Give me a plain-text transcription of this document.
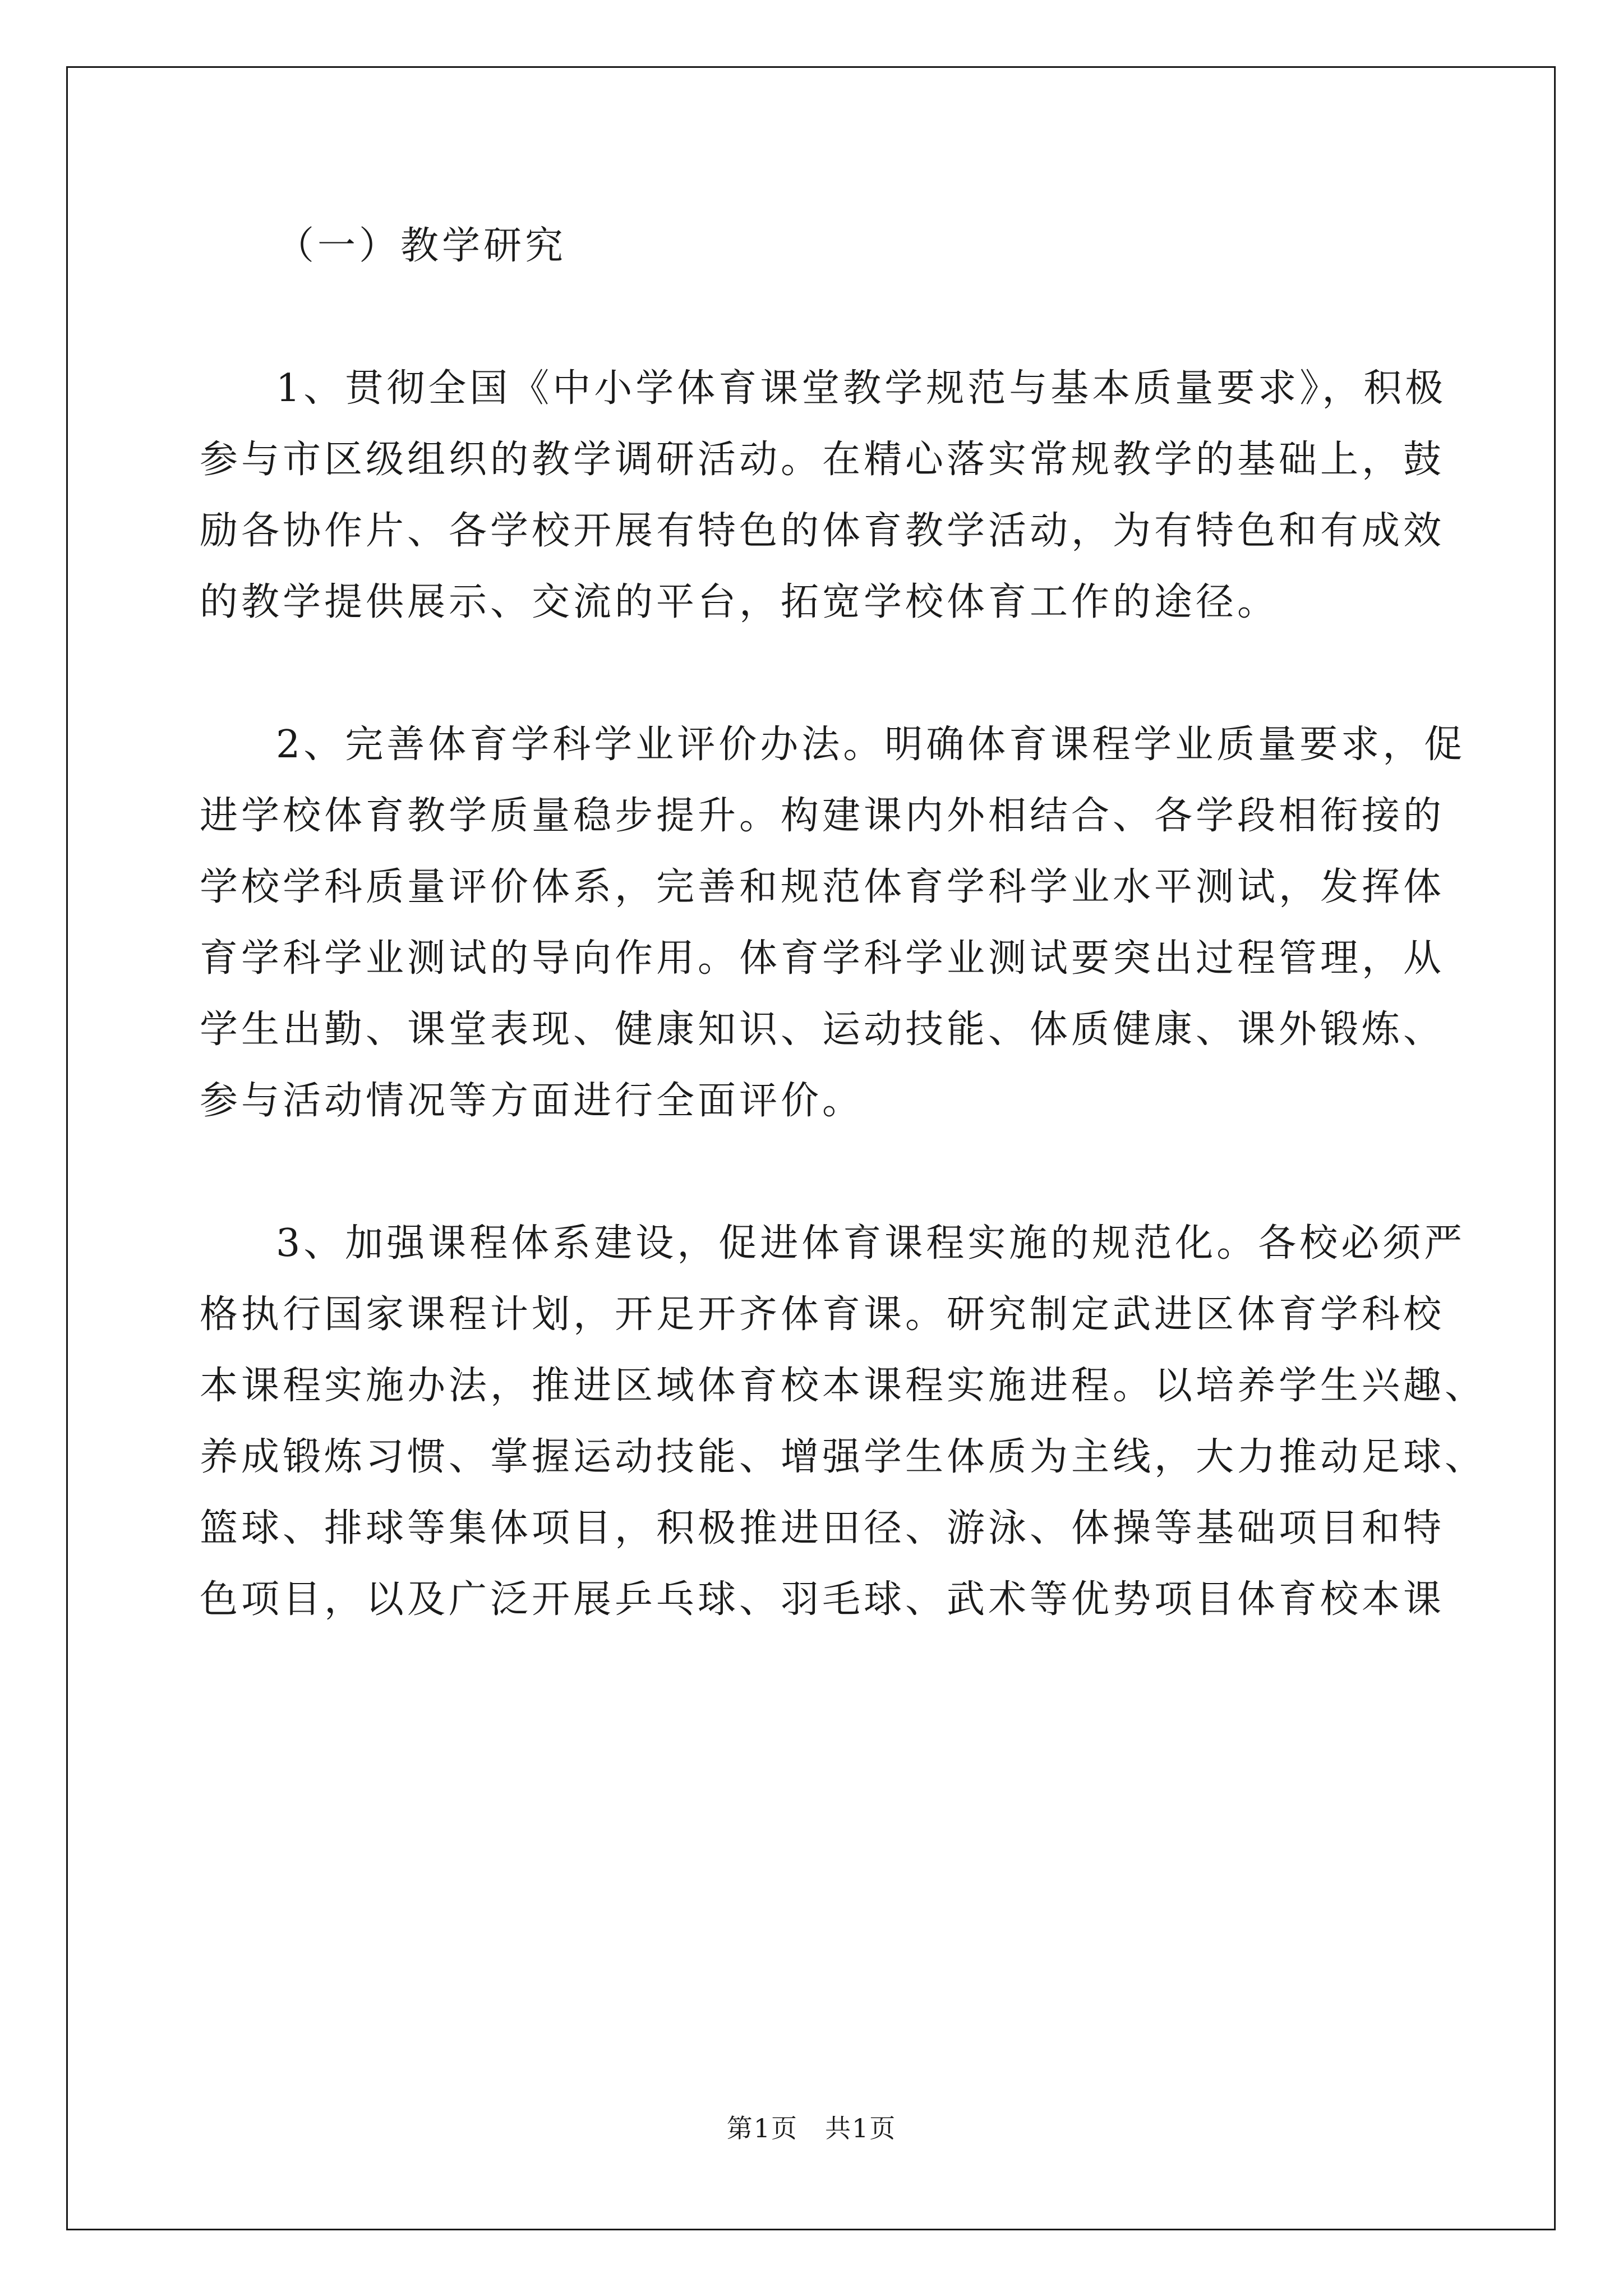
（一）教学研究
1、贯彻全国《中小学体育课堂教学规范与基本质量要求》，积极
参与市区级组织的教学调研活动。在精心落实常规教学的基础上，鼓
励各协作片、各学校开展有特色的体育教学活动，为有特色和有成效
的教学提供展示、交流的平台，拓宽学校体育工作的途径。
2、完善体育学科学业评价办法。明确体育课程学业质量要求，促
进学校体育教学质量稳步提升。构建课内外相结合、各学段相衔接的
学校学科质量评价体系，完善和规范体育学科学业水平测试，发挥体
育学科学业测试的导向作用。体育学科学业测试要突出过程管理，从
学生出勤、课堂表现、健康知识、运动技能、体质健康、课外锻炼、
参与活动情况等方面进行全面评价。
3、加强课程体系建设，促进体育课程实施的规范化。各校必须严
格执行国家课程计划，开足开齐体育课。研究制定武进区体育学科校
本课程实施办法，推进区域体育校本课程实施进程。以培养学生兴趣、
养成锻炼习惯、掌握运动技能、增强学生体质为主线，大力推动足球、
篮球、排球等集体项目，积极推进田径、游泳、体操等基础项目和特
色项目，以及广泛开展乒乓球、羽毛球、武术等优势项目体育校本课
第1页　共1页
